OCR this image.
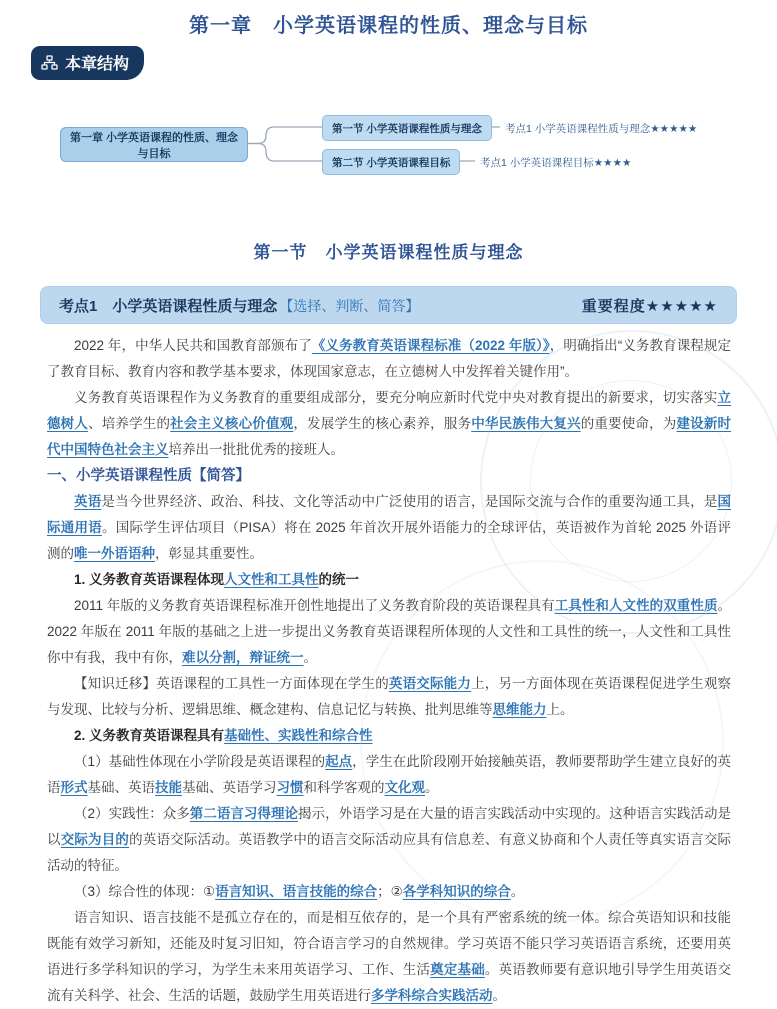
第一章　小学英语课程的性质、理念与目标
本章结构
第一章 小学英语课程的性质、理念与目标
第一节 小学英语课程性质与理念
第二节 小学英语课程目标
考点1 小学英语课程性质与理念★★★★★
考点1 小学英语课程目标★★★★
第一节　小学英语课程性质与理念
考点1　小学英语课程性质与理念 【选择、判断、简答】	重要程度★★★★★

2022 年，中华人民共和国教育部颁布了《义务教育英语课程标准（2022 年版）》，明确指出“义务教育课程规定了教育目标、教育内容和教学基本要求，体现国家意志，在立德树人中发挥着关键作用”。

义务教育英语课程作为义务教育的重要组成部分，要充分响应新时代党中央对教育提出的新要求，切实落实立德树人、培养学生的社会主义核心价值观，发展学生的核心素养，服务中华民族伟大复兴的重要使命，为建设新时代中国特色社会主义培养出一批批优秀的接班人。

一、小学英语课程性质【简答】

英语是当今世界经济、政治、科技、文化等活动中广泛使用的语言，是国际交流与合作的重要沟通工具，是国际通用语。国际学生评估项目（PISA）将在 2025 年首次开展外语能力的全球评估，英语被作为首轮 2025 外语评测的唯一外语语种，彰显其重要性。

1. 义务教育英语课程体现人文性和工具性的统一

2011 年版的义务教育英语课程标准开创性地提出了义务教育阶段的英语课程具有工具性和人文性的双重性质。2022 年版在 2011 年版的基础之上进一步提出义务教育英语课程所体现的人文性和工具性的统一，人文性和工具性你中有我，我中有你，难以分割，辩证统一。

【知识迁移】英语课程的工具性一方面体现在学生的英语交际能力上，另一方面体现在英语课程促进学生观察与发现、比较与分析、逻辑思维、概念建构、信息记忆与转换、批判思维等思维能力上。

2. 义务教育英语课程具有基础性、实践性和综合性

（1）基础性体现在小学阶段是英语课程的起点，学生在此阶段刚开始接触英语，教师要帮助学生建立良好的英语形式基础、英语技能基础、英语学习习惯和科学客观的文化观。

（2）实践性：众多第二语言习得理论揭示，外语学习是在大量的语言实践活动中实现的。这种语言实践活动是以交际为目的的英语交际活动。英语教学中的语言交际活动应具有信息差、有意义协商和个人责任等真实语言交际活动的特征。

（3）综合性的体现：①语言知识、语言技能的综合；②各学科知识的综合。

语言知识、语言技能不是孤立存在的，而是相互依存的，是一个具有严密系统的统一体。综合英语知识和技能既能有效学习新知，还能及时复习旧知，符合语言学习的自然规律。学习英语不能只学习英语语言系统，还要用英语进行多学科知识的学习，为学生未来用英语学习、工作、生活奠定基础。英语教师要有意识地引导学生用英语交流有关科学、社会、生活的话题，鼓励学生用英语进行多学科综合实践活动。
